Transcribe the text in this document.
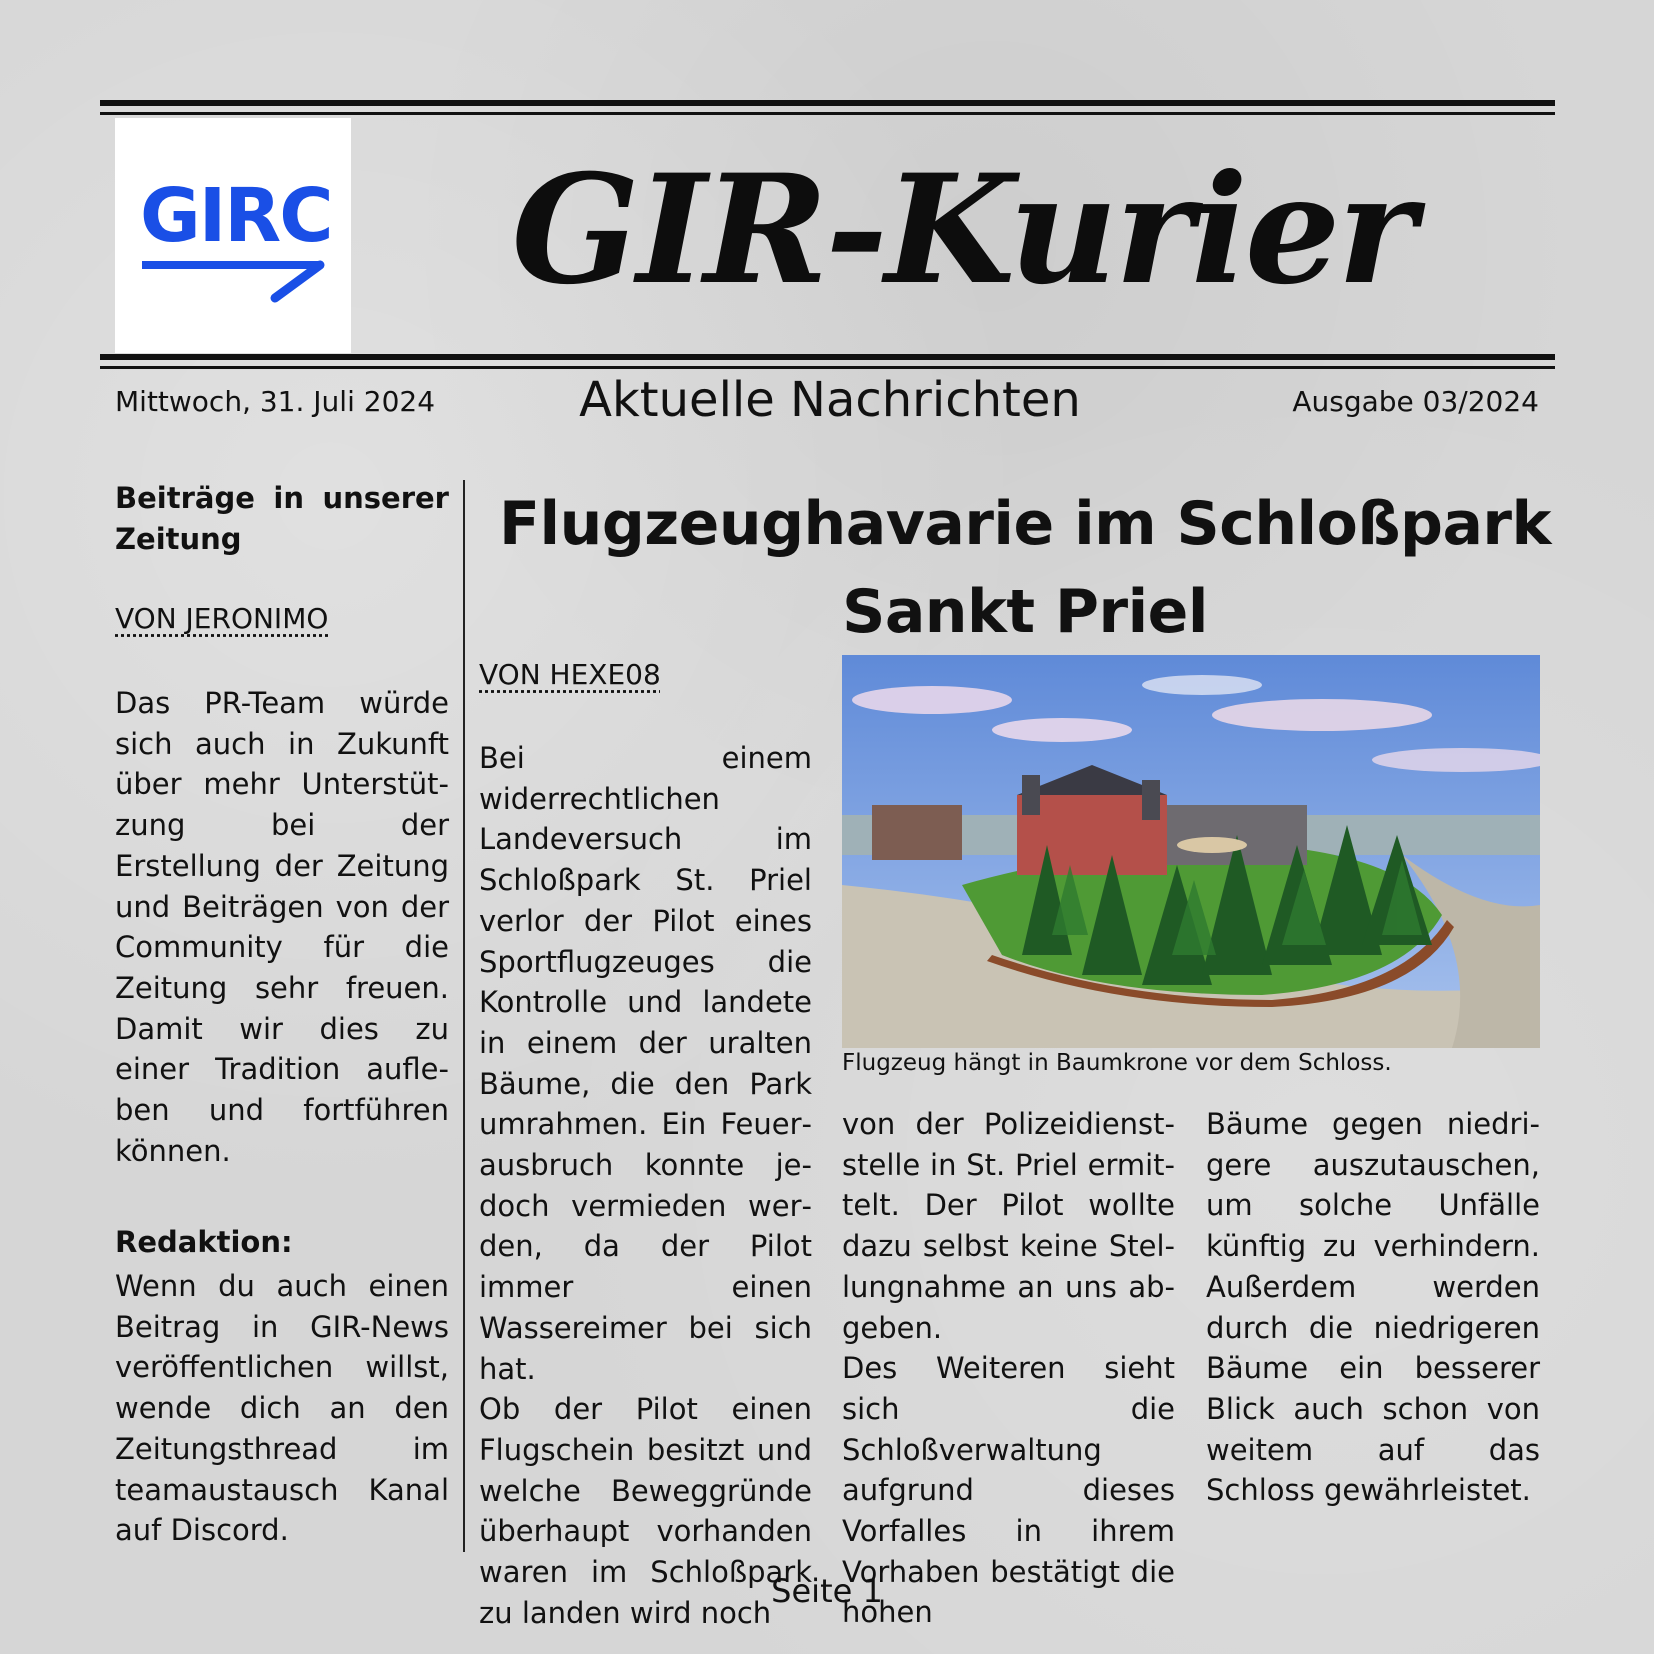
GIRC	GIR-Kurier
Mittwoch, 31. Juli 2024	Aktuelle Nachrichten	Ausgabe 03/2024
Beiträge in unserer Zeitung
VON JERONIMO

Das PR-Team würde sich auch in Zukunft über mehr Unterstützung bei der Erstellung der Zeitung und Beiträgen von der Community für die Zeitung sehr freuen. Damit wir dies zu einer Tradition aufleben und fortführen können.

Redaktion:

Wenn du auch einen Beitrag in GIR-News veröffentlichen willst, wende dich an den Zeitungsthread im teamaustausch Kanal auf Discord.

Flugzeughavarie im Schloßpark Sankt Priel
VON HEXE08

Bei einem widerrechtlichen Landeversuch im Schloßpark St. Priel verlor der Pilot eines Sportflugzeuges die Kontrolle und landete in einem der uralten Bäume, die den Park umrahmen. Ein Feuerausbruch konnte jedoch vermieden werden, da der Pilot immer einen Wassereimer bei sich hat.

Ob der Pilot einen Flugschein besitzt und welche Beweggründe überhaupt vorhanden waren im Schloßpark zu landen wird noch

Flugzeug hängt in Baumkrone vor dem Schloss.

von der Polizeidienststelle in St. Priel ermittelt. Der Pilot wollte dazu selbst keine Stellungnahme an uns abgeben.

Des Weiteren sieht sich die Schloßverwaltung aufgrund dieses Vorfalles in ihrem Vorhaben bestätigt die hohen

Bäume gegen niedrigere auszutauschen, um solche Unfälle künftig zu verhindern. Außerdem werden durch die niedrigeren Bäume ein besserer Blick auch schon von weitem auf das Schloss gewährleistet.

Seite 1
